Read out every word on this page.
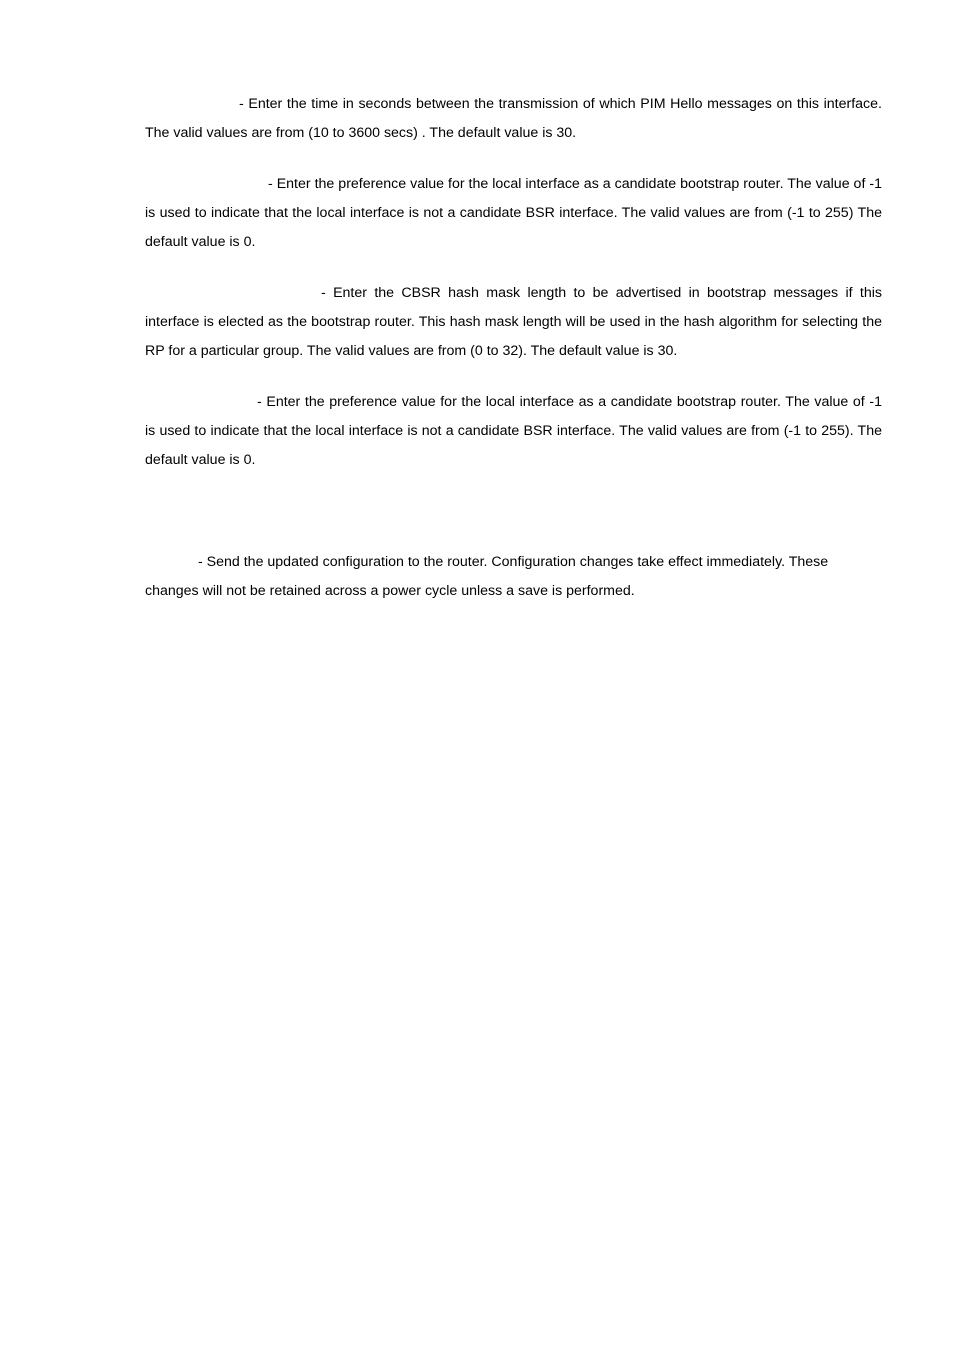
- Enter the time in seconds between the transmission of which PIM Hello messages on this interface. The valid values are from (10 to 3600 secs) . The default value is 30.

- Enter the preference value for the local interface as a candidate bootstrap router. The value of -1 is used to indicate that the local interface is not a candidate BSR interface. The valid values are from (-1 to 255) The default value is 0.

- Enter the CBSR hash mask length to be advertised in bootstrap messages if this interface is elected as the bootstrap router. This hash mask length will be used in the hash algorithm for selecting the RP for a particular group. The valid values are from (0 to 32). The default value is 30.

- Enter the preference value for the local interface as a candidate bootstrap router. The value of -1 is used to indicate that the local interface is not a candidate BSR interface. The valid values are from (-1 to 255). The default value is 0.

- Send the updated configuration to the router. Configuration changes take effect immediately. These changes will not be retained across a power cycle unless a save is performed.
